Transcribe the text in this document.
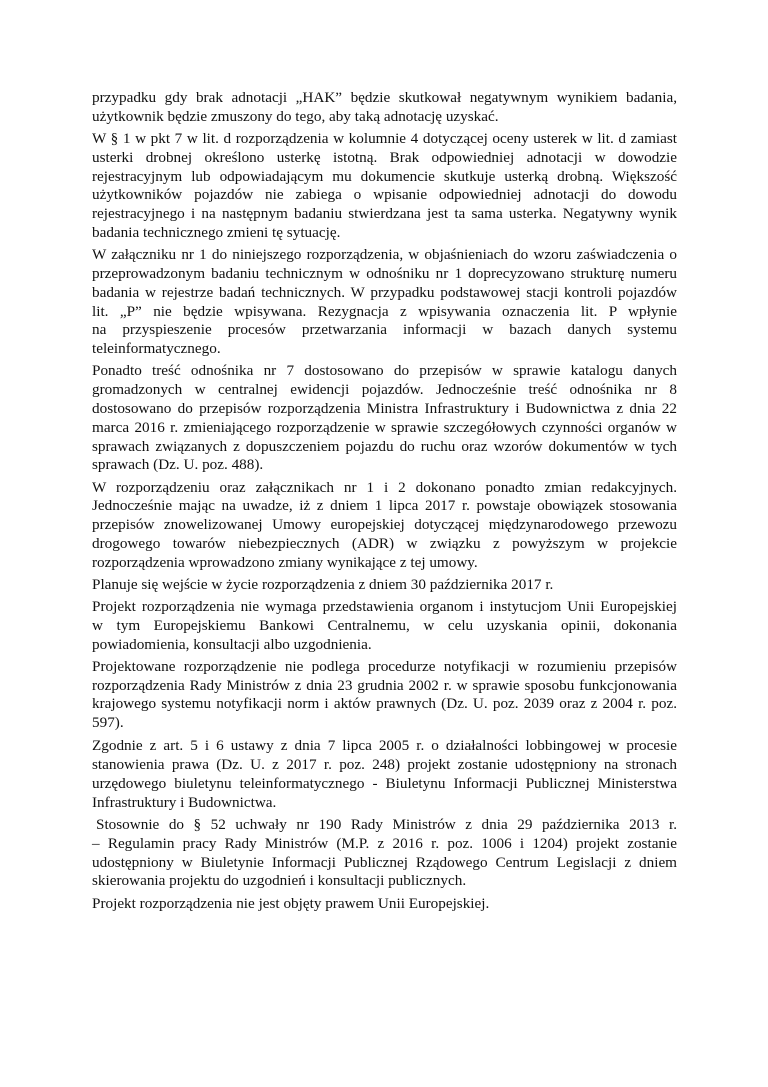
przypadku gdy brak adnotacji „HAK” będzie skutkował negatywnym wynikiem badania,
użytkownik będzie zmuszony do tego, aby taką adnotację uzyskać.
W § 1 w pkt 7 w lit. d rozporządzenia w kolumnie 4 dotyczącej oceny usterek w lit. d zamiast
usterki drobnej określono usterkę istotną. Brak odpowiedniej adnotacji w dowodzie
rejestracyjnym lub odpowiadającym mu dokumencie skutkuje usterką drobną. Większość
użytkowników pojazdów nie zabiega o wpisanie odpowiedniej adnotacji do dowodu
rejestracyjnego i na następnym badaniu stwierdzana jest ta sama usterka. Negatywny wynik
badania technicznego zmieni tę sytuację.
W załączniku nr 1 do niniejszego rozporządzenia, w objaśnieniach do wzoru zaświadczenia o
przeprowadzonym badaniu technicznym w odnośniku nr 1 doprecyzowano strukturę numeru
badania w rejestrze badań technicznych. W przypadku podstawowej stacji kontroli pojazdów
lit. „P” nie będzie wpisywana. Rezygnacja z wpisywania oznaczenia lit. P wpłynie
na przyspieszenie procesów przetwarzania informacji w bazach danych systemu
teleinformatycznego.
Ponadto treść odnośnika nr 7 dostosowano do przepisów w sprawie katalogu danych
gromadzonych w centralnej ewidencji pojazdów. Jednocześnie treść odnośnika nr 8
dostosowano do przepisów rozporządzenia Ministra Infrastruktury i Budownictwa z dnia 22
marca 2016 r. zmieniającego rozporządzenie w sprawie szczegółowych czynności organów w
sprawach związanych z dopuszczeniem pojazdu do ruchu oraz wzorów dokumentów w tych
sprawach (Dz. U. poz. 488).
W rozporządzeniu oraz załącznikach nr 1 i 2 dokonano ponadto zmian redakcyjnych.
Jednocześnie mając na uwadze, iż z dniem 1 lipca 2017 r. powstaje obowiązek stosowania
przepisów znowelizowanej Umowy europejskiej dotyczącej międzynarodowego przewozu
drogowego towarów niebezpiecznych (ADR) w związku z powyższym w projekcie
rozporządzenia wprowadzono zmiany wynikające z tej umowy.
Planuje się wejście w życie rozporządzenia z dniem 30 października 2017 r.
Projekt rozporządzenia nie wymaga przedstawienia organom i instytucjom Unii Europejskiej
w tym Europejskiemu Bankowi Centralnemu, w celu uzyskania opinii, dokonania
powiadomienia, konsultacji albo uzgodnienia.
Projektowane rozporządzenie nie podlega procedurze notyfikacji w rozumieniu przepisów
rozporządzenia Rady Ministrów z dnia 23 grudnia 2002 r. w sprawie sposobu funkcjonowania
krajowego systemu notyfikacji norm i aktów prawnych (Dz. U. poz. 2039 oraz z 2004 r. poz.
597).
Zgodnie z art. 5 i 6 ustawy z dnia 7 lipca 2005 r. o działalności lobbingowej w procesie
stanowienia prawa (Dz. U. z 2017 r. poz. 248) projekt zostanie udostępniony na stronach
urzędowego biuletynu teleinformatycznego - Biuletynu Informacji Publicznej Ministerstwa
Infrastruktury i Budownictwa.
Stosownie do § 52 uchwały nr 190 Rady Ministrów z dnia 29 października 2013 r.
– Regulamin pracy Rady Ministrów (M.P. z 2016 r. poz. 1006 i 1204) projekt zostanie
udostępniony w Biuletynie Informacji Publicznej Rządowego Centrum Legislacji z dniem
skierowania projektu do uzgodnień i konsultacji publicznych.
Projekt rozporządzenia nie jest objęty prawem Unii Europejskiej.
